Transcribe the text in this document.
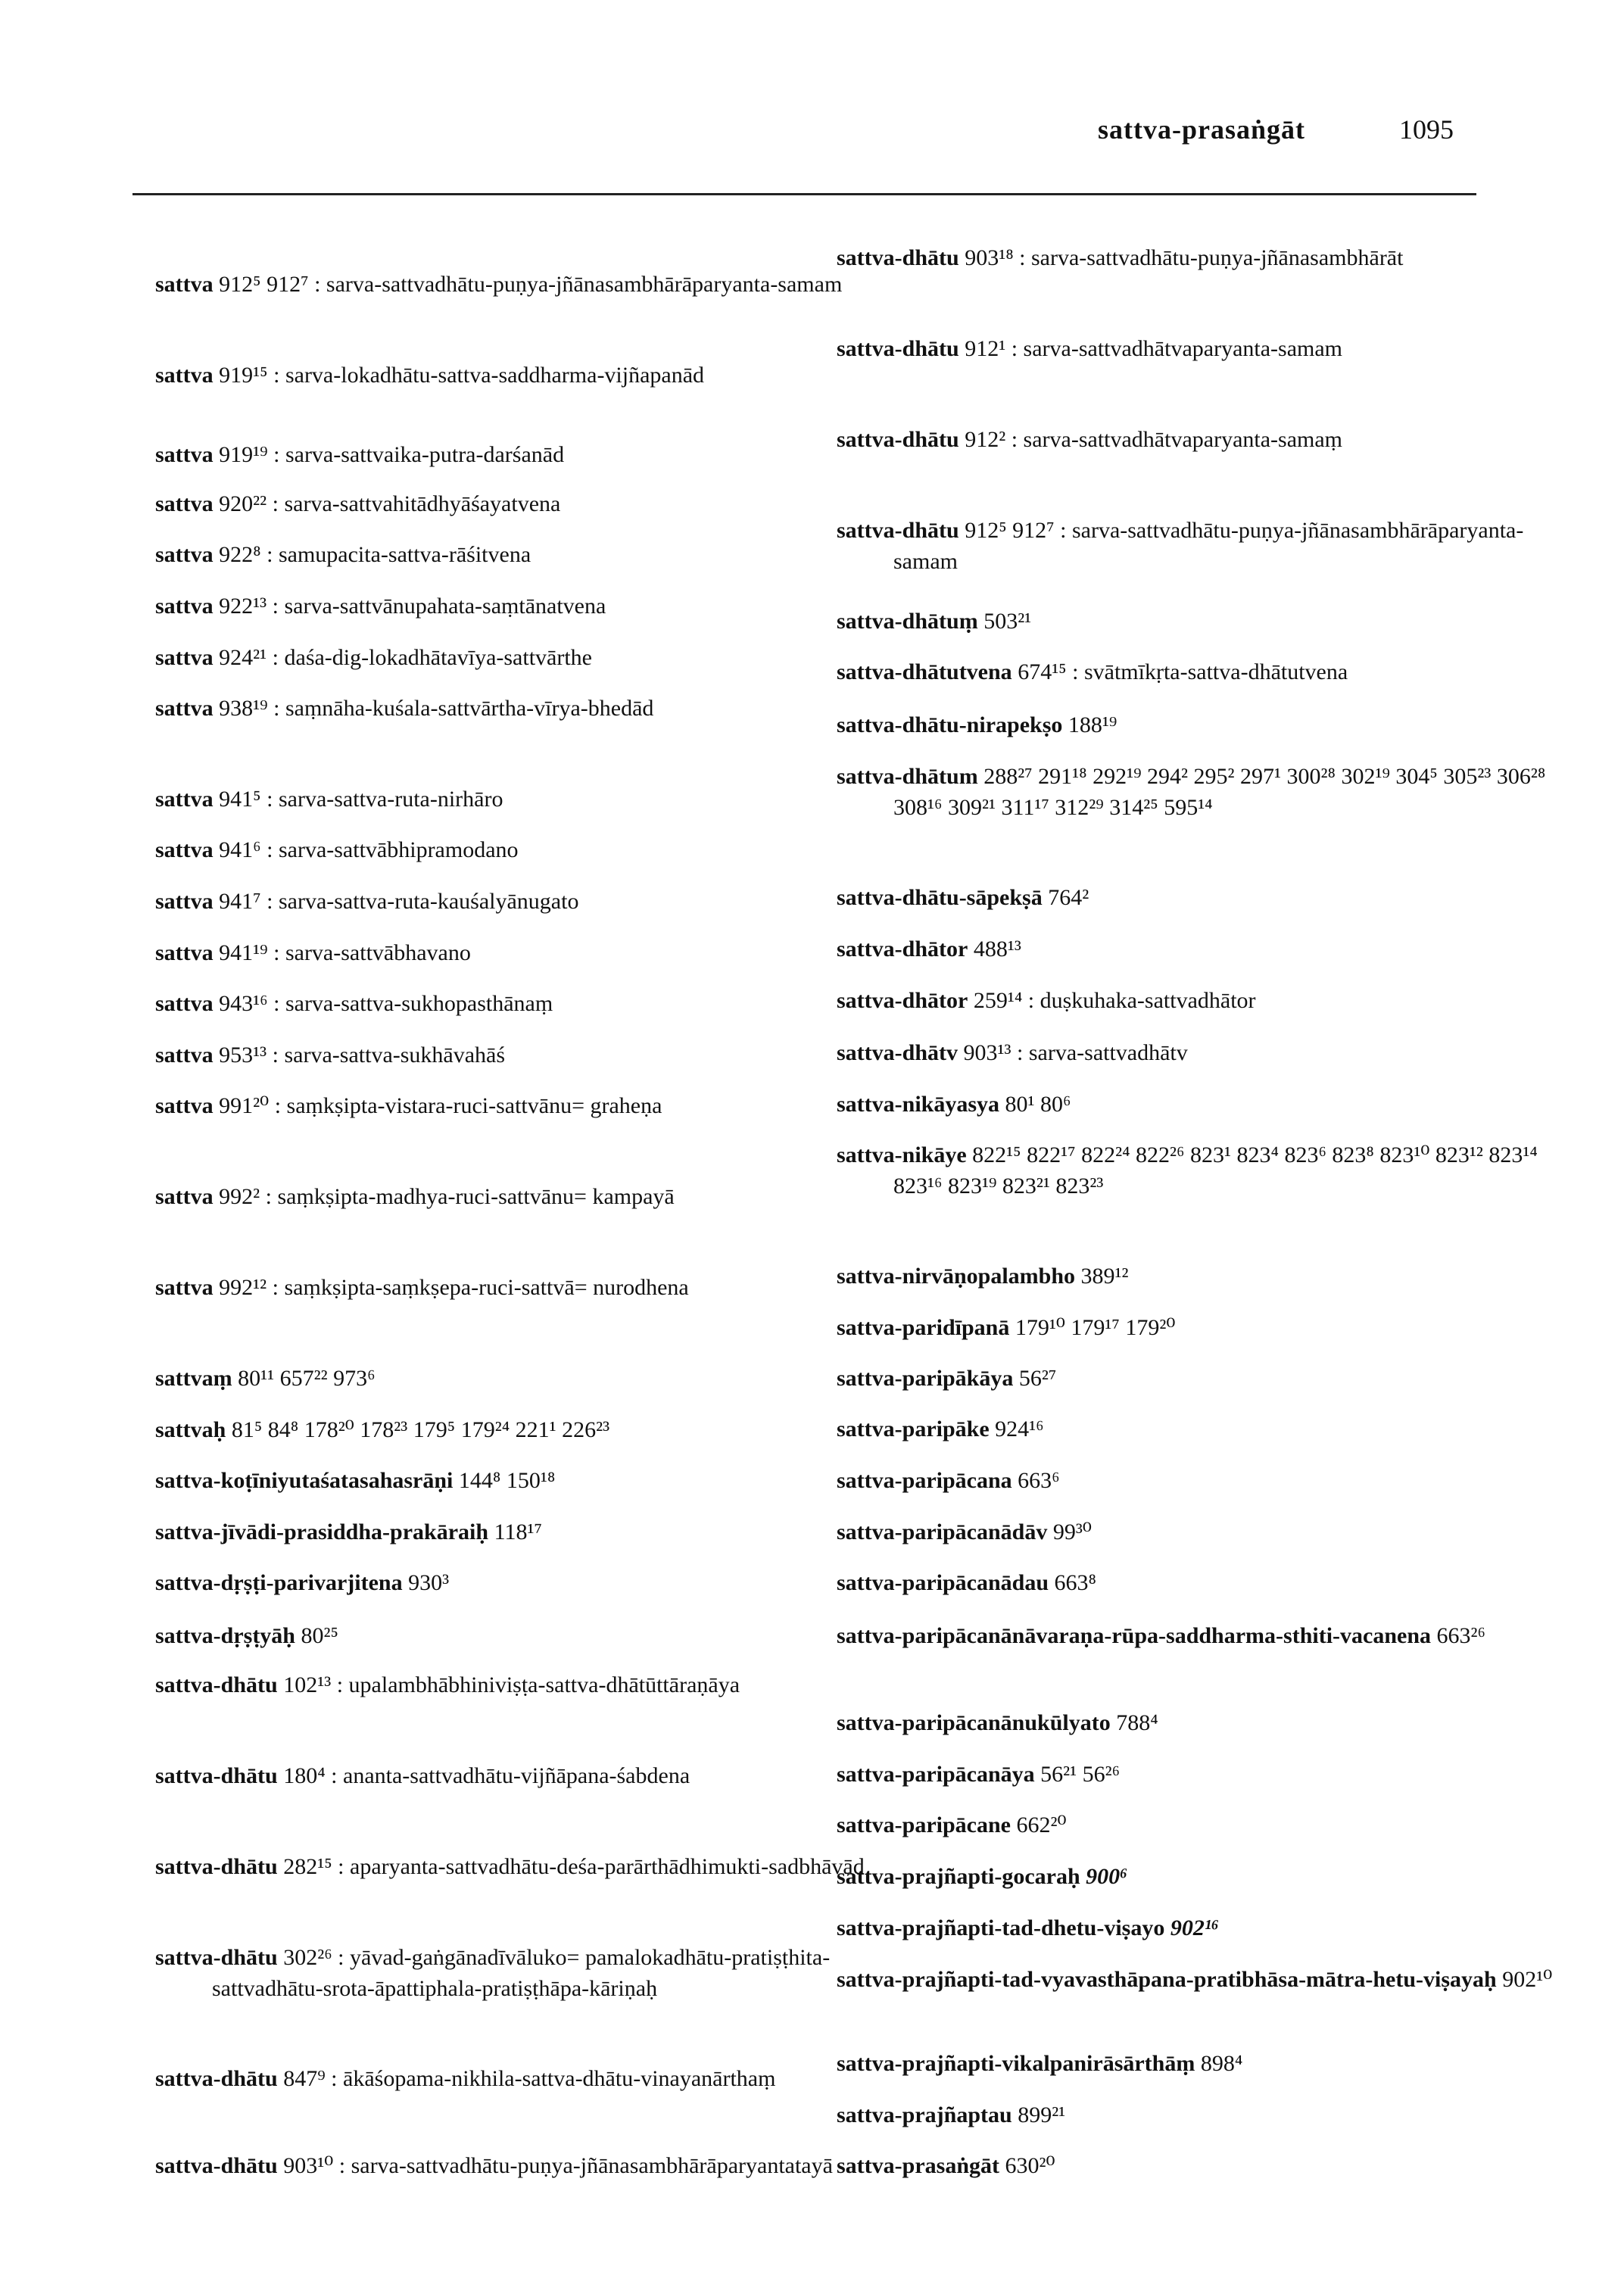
sattva-prasaṅgāt	1095
sattva 912⁵ 912⁷ : sarva-sattvadhātu-puṇya-jñānasambhārāparyanta-samam
sattva 919¹⁵ : sarva-lokadhātu-sattva-saddharma-vijñapanād
sattva 919¹⁹ : sarva-sattvaika-putra-darśanād
sattva 920²² : sarva-sattvahitādhyāśayatvena
sattva 922⁸ : samupacita-sattva-rāśitvena
sattva 922¹³ : sarva-sattvānupahata-saṃtānatvena
sattva 924²¹ : daśa-dig-lokadhātavīya-sattvārthe
sattva 938¹⁹ : saṃnāha-kuśala-sattvārtha-vīrya-bhedād
sattva 941⁵ : sarva-sattva-ruta-nirhāro
sattva 941⁶ : sarva-sattvābhipramodano
sattva 941⁷ : sarva-sattva-ruta-kauśalyānugato
sattva 941¹⁹ : sarva-sattvābhavano
sattva 943¹⁶ : sarva-sattva-sukhopasthānaṃ
sattva 953¹³ : sarva-sattva-sukhāvahāś
sattva 991²⁰ : saṃkṣipta-vistara-ruci-sattvānu= graheṇa
sattva 992² : saṃkṣipta-madhya-ruci-sattvānu= kampayā
sattva 992¹² : saṃkṣipta-saṃkṣepa-ruci-sattvā= nurodhena
sattvaṃ 80¹¹ 657²² 973⁶
sattvaḥ 81⁵ 84⁸ 178²⁰ 178²³ 179⁵ 179²⁴ 221¹ 226²³
sattva-koṭīniyutaśatasahasrāṇi 144⁸ 150¹⁸
sattva-jīvādi-prasiddha-prakāraiḥ 118¹⁷
sattva-dṛṣṭi-parivarjitena 930³
sattva-dṛṣṭyāḥ 80²⁵
sattva-dhātu 102¹³ : upalambhābhiniviṣṭa-sattva-dhātūttāraṇāya
sattva-dhātu 180⁴ : ananta-sattvadhātu-vijñāpana-śabdena
sattva-dhātu 282¹⁵ : aparyanta-sattvadhātu-deśa-parārthādhimukti-sadbhāvād
sattva-dhātu 302²⁶ : yāvad-gaṅgānadīvāluko= pamalokadhātu-pratiṣṭhita-sattvadhātu-srota-āpattiphala-pratiṣṭhāpa-kāriṇaḥ
sattva-dhātu 847⁹ : ākāśopama-nikhila-sattva-dhātu-vinayanārthaṃ
sattva-dhātu 903¹⁰ : sarva-sattvadhātu-puṇya-jñānasambhārāparyantatayā
sattva-dhātu 903¹⁸ : sarva-sattvadhātu-puṇya-jñānasambhārāt
sattva-dhātu 912¹ : sarva-sattvadhātvaparyanta-samam
sattva-dhātu 912² : sarva-sattvadhātvaparyanta-samaṃ
sattva-dhātu 912⁵ 912⁷ : sarva-sattvadhātu-puṇya-jñānasambhārāparyanta-samam
sattva-dhātuṃ 503²¹
sattva-dhātutvena 674¹⁵ : svātmīkṛta-sattva-dhātutvena
sattva-dhātu-nirapekṣo 188¹⁹
sattva-dhātum 288²⁷ 291¹⁸ 292¹⁹ 294² 295² 297¹ 300²⁸ 302¹⁹ 304⁵ 305²³ 306²⁸ 308¹⁶ 309²¹ 311¹⁷ 312²⁹ 314²⁵ 595¹⁴
sattva-dhātu-sāpekṣā 764²
sattva-dhātor 488¹³
sattva-dhātor 259¹⁴ : duṣkuhaka-sattvadhātor
sattva-dhātv 903¹³ : sarva-sattvadhātv
sattva-nikāyasya 80¹ 80⁶
sattva-nikāye 822¹⁵ 822¹⁷ 822²⁴ 822²⁶ 823¹ 823⁴ 823⁶ 823⁸ 823¹⁰ 823¹² 823¹⁴ 823¹⁶ 823¹⁹ 823²¹ 823²³
sattva-nirvāṇopalambho 389¹²
sattva-paridīpanā 179¹⁰ 179¹⁷ 179²⁰
sattva-paripākāya 56²⁷
sattva-paripāke 924¹⁶
sattva-paripācana 663⁶
sattva-paripācanādāv 99³⁰
sattva-paripācanādau 663⁸
sattva-paripācanānāvaraṇa-rūpa-saddharma-sthiti-vacanena 663²⁶
sattva-paripācanānukūlyato 788⁴
sattva-paripācanāya 56²¹ 56²⁶
sattva-paripācane 662²⁰
sattva-prajñapti-gocaraḥ 900⁶
sattva-prajñapti-tad-dhetu-viṣayo 902¹⁶
sattva-prajñapti-tad-vyavasthāpana-pratibhāsa-mātra-hetu-viṣayaḥ 902¹⁰
sattva-prajñapti-vikalpanirāsārthāṃ 898⁴
sattva-prajñaptau 899²¹
sattva-prasaṅgāt 630²⁰
